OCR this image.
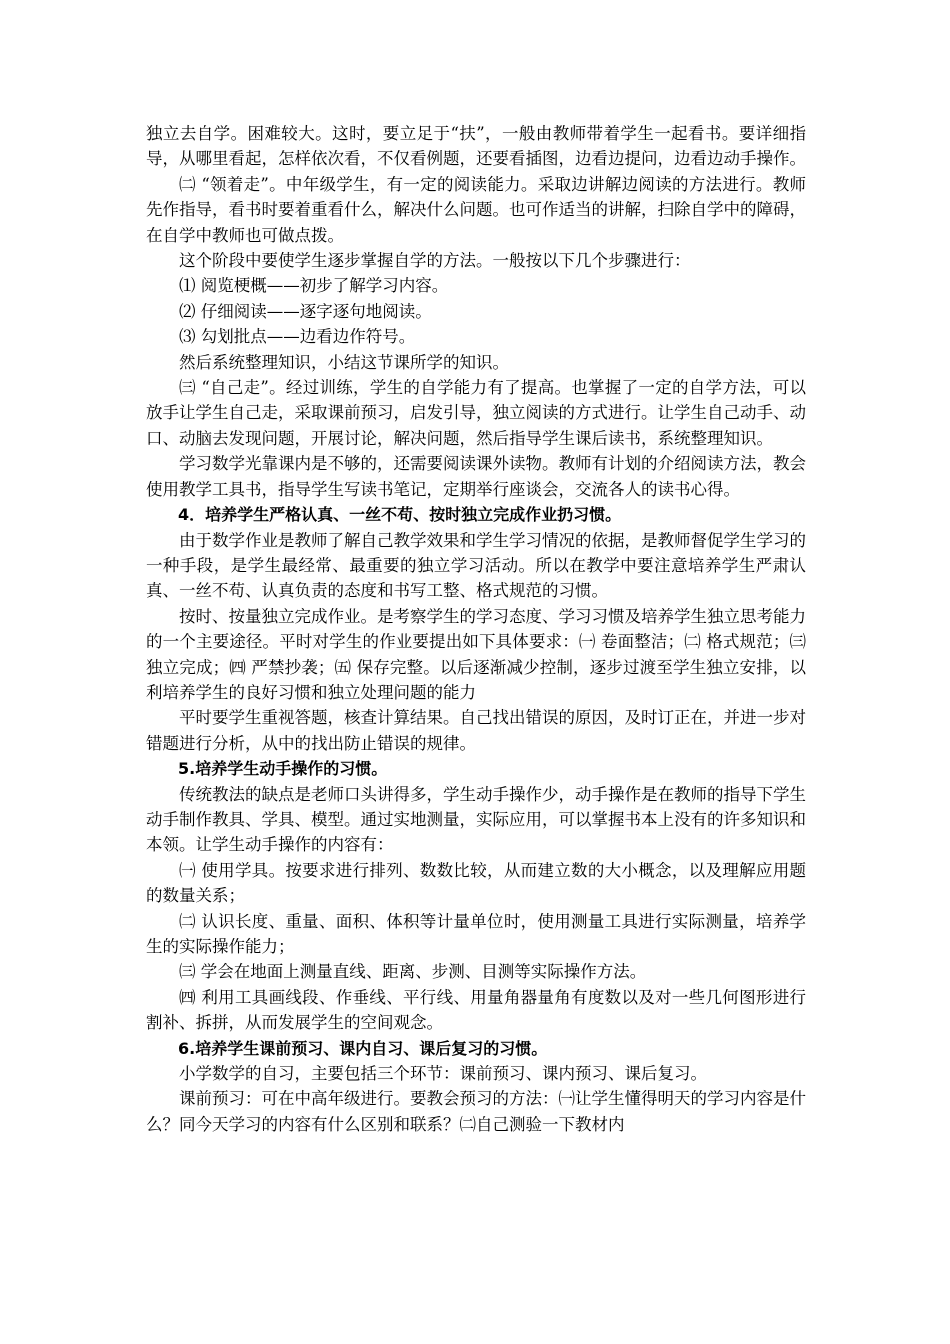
独立去自学。困难较大。这时，要立足于“扶”，一般由教师带着学生一起看书。要详细指导，从哪里看起，怎样依次看，不仅看例题，还要看插图，边看边提问，边看边动手操作。

㈡ “领着走”。中年级学生，有一定的阅读能力。采取边讲解边阅读的方法进行。教师先作指导，看书时要着重看什么，解决什么问题。也可作适当的讲解，扫除自学中的障碍，在自学中教师也可做点拨。

这个阶段中要使学生逐步掌握自学的方法。一般按以下几个步骤进行：

⑴ 阅览梗概——初步了解学习内容。

⑵ 仔细阅读——逐字逐句地阅读。

⑶ 勾划批点——边看边作符号。

然后系统整理知识，小结这节课所学的知识。

㈢ “自己走”。经过训练，学生的自学能力有了提高。也掌握了一定的自学方法，可以放手让学生自己走，采取课前预习，启发引导，独立阅读的方式进行。让学生自己动手、动口、动脑去发现问题，开展讨论，解决问题，然后指导学生课后读书，系统整理知识。

学习数学光靠课内是不够的，还需要阅读课外读物。教师有计划的介绍阅读方法，教会使用教学工具书，指导学生写读书笔记，定期举行座谈会，交流各人的读书心得。

4．培养学生严格认真、一丝不苟、按时独立完成作业扔习惯。

由于数学作业是教师了解自己教学效果和学生学习情况的依据，是教师督促学生学习的一种手段，是学生最经常、最重要的独立学习活动。所以在教学中要注意培养学生严肃认真、一丝不苟、认真负责的态度和书写工整、格式规范的习惯。

按时、按量独立完成作业。是考察学生的学习态度、学习习惯及培养学生独立思考能力的一个主要途径。平时对学生的作业要提出如下具体要求：㈠ 卷面整洁；㈡ 格式规范；㈢ 独立完成；㈣ 严禁抄袭；㈤ 保存完整。以后逐渐减少控制，逐步过渡至学生独立安排，以利培养学生的良好习惯和独立处理问题的能力

平时要学生重视答题，核查计算结果。自己找出错误的原因，及时订正在，并进一步对错题进行分析，从中的找出防止错误的规律。

5.培养学生动手操作的习惯。

传统教法的缺点是老师口头讲得多，学生动手操作少，动手操作是在教师的指导下学生动手制作教具、学具、模型。通过实地测量，实际应用，可以掌握书本上没有的许多知识和本领。让学生动手操作的内容有：

㈠ 使用学具。按要求进行排列、数数比较，从而建立数的大小概念，以及理解应用题的数量关系；

㈡ 认识长度、重量、面积、体积等计量单位时，使用测量工具进行实际测量，培养学生的实际操作能力；

㈢ 学会在地面上测量直线、距离、步测、目测等实际操作方法。

㈣ 利用工具画线段、作垂线、平行线、用量角器量角有度数以及对一些几何图形进行割补、拆拼，从而发展学生的空间观念。

6.培养学生课前预习、课内自习、课后复习的习惯。

小学数学的自习，主要包括三个环节：课前预习、课内预习、课后复习。

课前预习：可在中高年级进行。要教会预习的方法：㈠让学生懂得明天的学习内容是什么？同今天学习的内容有什么区别和联系？㈡自己测验一下教材内
